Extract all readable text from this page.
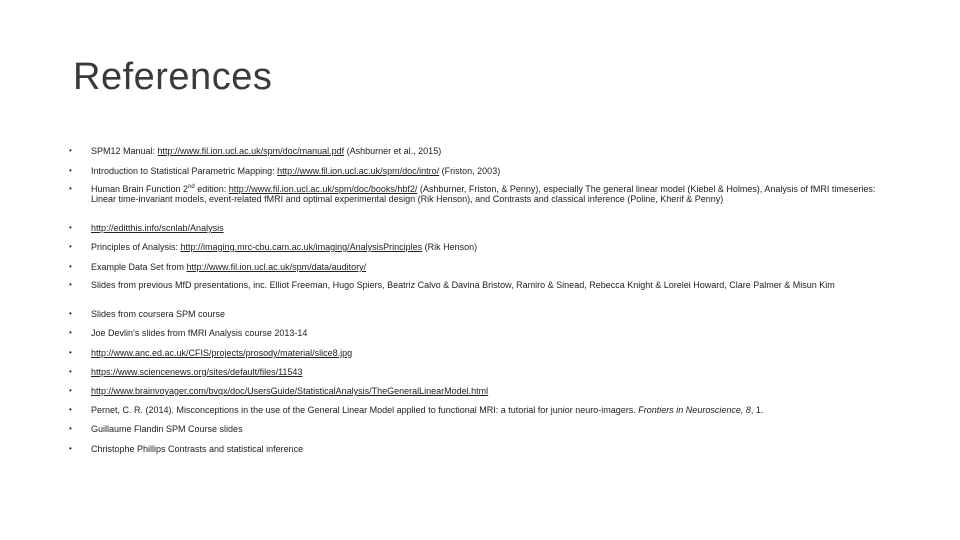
References
• SPM12 Manual: http://www.fil.ion.ucl.ac.uk/spm/doc/manual.pdf (Ashburner et al., 2015)
• Introduction to Statistical Parametric Mapping: http://www.fil.ion.ucl.ac.uk/spm/doc/intro/ (Friston, 2003)
• Human Brain Function 2nd edition: http://www.fil.ion.ucl.ac.uk/spm/doc/books/hbf2/ (Ashburner, Friston, & Penny), especially The general linear model (Kiebel & Holmes), Analysis of fMRI timeseries: Linear time-invariant models, event-related fMRI and optimal experimental design (Rik Henson), and Contrasts and classical inference (Poline, Kherif & Penny)
• http://editthis.info/scnlab/Analysis
• Principles of Analysis: http://imaging.mrc-cbu.cam.ac.uk/imaging/AnalysisPrinciples (Rik Henson)
• Example Data Set from http://www.fil.ion.ucl.ac.uk/spm/data/auditory/
• Slides from previous MfD presentations, inc. Elliot Freeman, Hugo Spiers, Beatriz Calvo & Davina Bristow, Ramiro & Sinead, Rebecca Knight & Lorelei Howard, Clare Palmer & Misun Kim
• Slides from coursera SPM course
• Joe Devlin’s slides from fMRI Analysis course 2013-14
• http://www.anc.ed.ac.uk/CFIS/projects/prosody/material/slice8.jpg
• https://www.sciencenews.org/sites/default/files/11543
• http://www.brainvoyager.com/bvqx/doc/UsersGuide/StatisticalAnalysis/TheGeneralLinearModel.html
• Pernet, C. R. (2014). Misconceptions in the use of the General Linear Model applied to functional MRI: a tutorial for junior neuro-imagers. Frontiers in Neuroscience, 8, 1.
• Guillaume Flandin SPM Course slides
• Christophe Phillips Contrasts and statistical inference
